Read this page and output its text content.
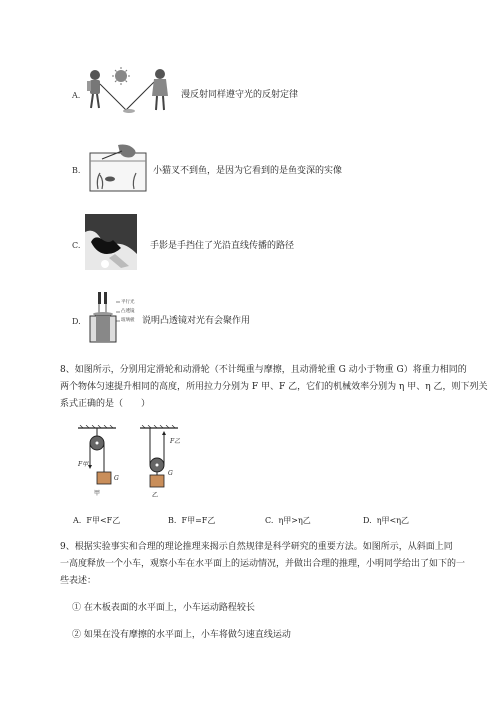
A.	漫反射同样遵守光的反射定律
B.	小猫叉不到鱼，是因为它看到的是鱼变深的实像
C.	手影是手挡住了光沿直线传播的路径
D.
平行光
凸透镜
玻璃板 说明凸透镜对光有会聚作用
8、如图所示，分别用定滑轮和动滑轮（不计绳重与摩擦，且动滑轮重 G 动小于物重 G）将重力相同的
两个物体匀速提升相同的高度，所用拉力分别为 F 甲、F 乙，它们的机械效率分别为 η 甲、η 乙，则下列关
系式正确的是（　　）
F甲
G
甲
F乙
G
乙
A. F甲<F乙	B. F甲=F乙	C. η甲>η乙	D. η甲<η乙
9、根据实验事实和合理的理论推理来揭示自然规律是科学研究的重要方法。如图所示，从斜面上同
一高度释放一个小车，观察小车在水平面上的运动情况，并做出合理的推理，小明同学给出了如下的一
些表述：
① 在木板表面的水平面上，小车运动路程较长
② 如果在没有摩擦的水平面上，小车将做匀速直线运动
